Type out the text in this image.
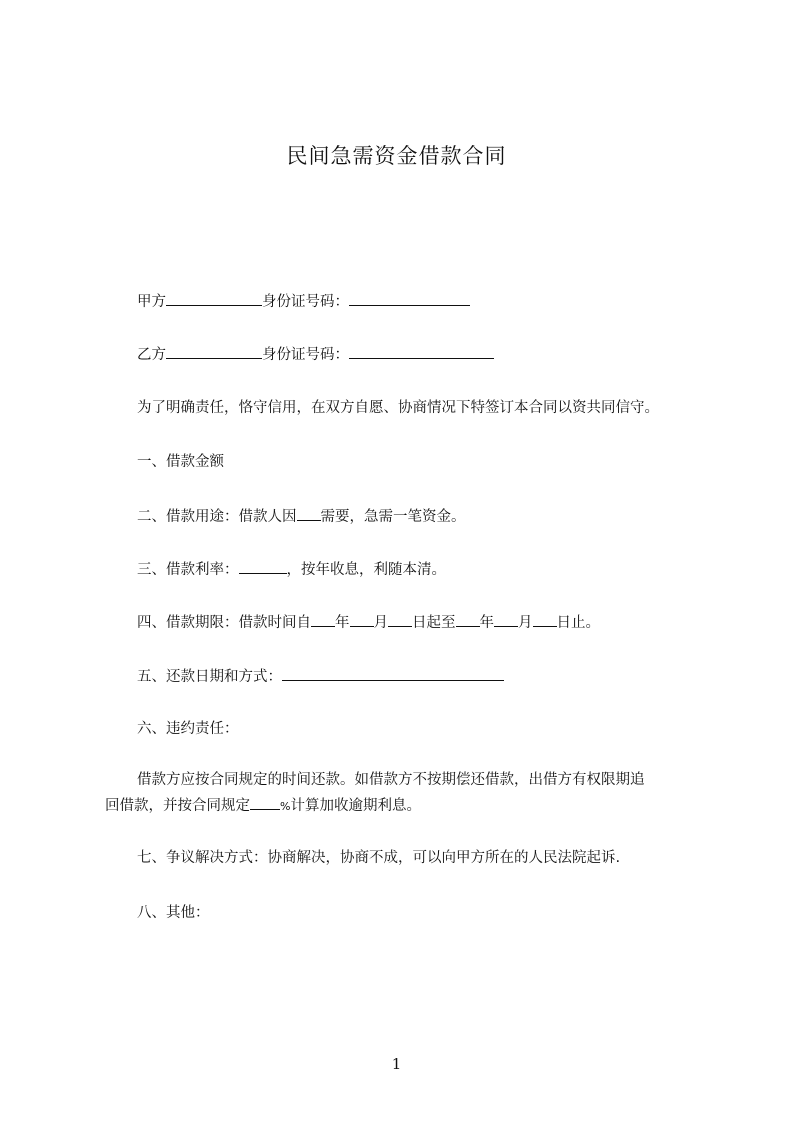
民间急需资金借款合同
甲方	身份证号码：
乙方	身份证号码：
为了明确责任，恪守信用，在双方自愿、协商情况下特签订本合同以资共同信守。
一、借款金额
二、借款用途：借款人因 需要，急需一笔资金。
三、借款利率：	，按年收息，利随本清。
四、借款期限：借款时间自 年 月 日起至 年 月 日止。
五、还款日期和方式：
六、违约责任：
借款方应按合同规定的时间还款。如借款方不按期偿还借款，出借方有权限期追
回借款，并按合同规定	%计算加收逾期利息。
七、争议解决方式：协商解决，协商不成，可以向甲方所在的人民法院起诉.
八、其他：
1
